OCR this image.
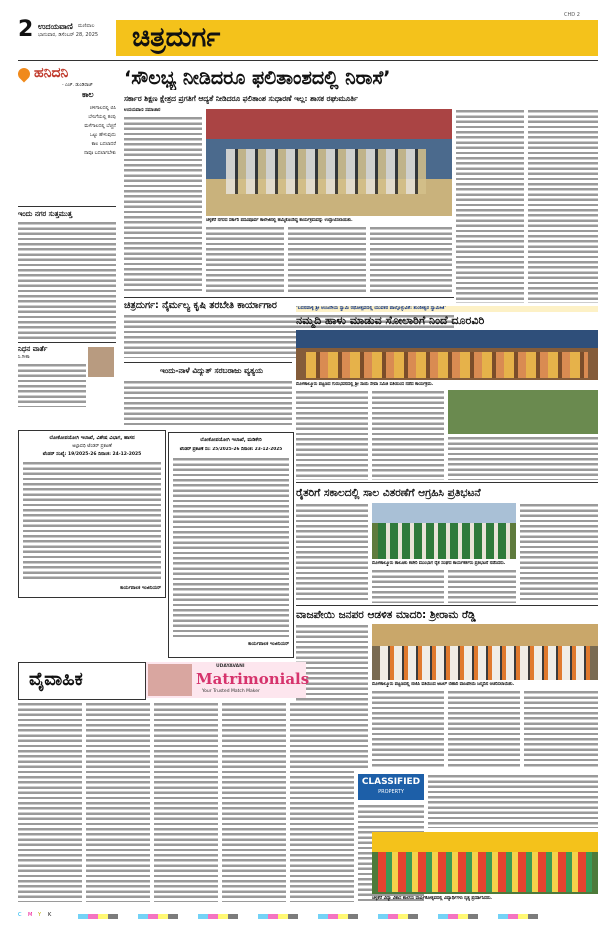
2 ಉದಯವಾಣಿ ಮಣಿಪಾಲ
ಭಾನುವಾರ, ಡಿಸೆಂಬರ್ 28, 2025
CHD 2
ಚಿತ್ರದುರ್ಗ
ಹನಿದನಿ
- ಎಚ್. ಡುಂಡಿರಾಜ್
ಕಾಲ
ಚಳಿಗಾಲದಲ್ಲಿ ಬಿಸಿ
ಬೇಸಿಗೆಯಲ್ಲಿ ತಂಪು
ಮಳೆಗಾಲದಲ್ಲಿ ಬೆಚ್ಚನೆ
ಒಟ್ಟು ಹೇಳುವುದು
ಕಾಲ ಬದಲಾದರೆ
ನಾವೂ ಬದಲಾಗಬೇಕು
ಇಂದು ನಗರ ಸುತ್ತಮುತ್ತ
ನಿಧನ ವಾರ್ತೆ
ಸಿ.ಗೀತಾ
‘ಸೌಲಭ್ಯ ನೀಡಿದರೂ ಫಲಿತಾಂಶದಲ್ಲಿ ನಿರಾಸೆ’
ಸರ್ಕಾರ ಶಿಕ್ಷಣ ಕ್ಷೇತ್ರದ ಪ್ರಗತಿಗೆ ಆದ್ಯತೆ ನೀಡಿದರೂ ಫಲಿತಾಂಶ ಸುಧಾರಣೆ ಇಲ್ಲ: ಶಾಸಕ ರಘುಮೂರ್ತಿ
ಉದಯವಾಣಿ ಸಮಾಚಾರ
ಚಳ್ಳಕೆರೆ ನಗರದ ಸರ್ಕಾರಿ ಪದವಿಪೂರ್ವ ಕಾಲೇಜಿನಲ್ಲಿ ಹಮ್ಮಿಕೊಂಡಿದ್ದ ಕಾರ್ಯಕ್ರಮವನ್ನು ಉದ್ಘಾಟಿಸಲಾಯಿತು.
ಚಿತ್ರದುರ್ಗ: ನೈರ್ಮಲ್ಯ ಕೃಷಿ ತರಬೇತಿ ಕಾರ್ಯಾಗಾರ	‘ಬದನವಾಳ್ಳಿ ಶ್ರೀ ಆಂಜನೇಯ ಸ್ವಾಮಿ ರಥೋತ್ಸವದಲ್ಲಿ ಯುವಕರ ಪಾಲ್ಗೊಳ್ಳುವಿಕೆ: ಶುಂಠೀಶ್ವರ ಸ್ವಾಮೀಜಿ’
ನಮ್ಮದಿ ಹಾಳು ಮಾಡುವ ಸೋಲಾರಿಗೆ ನಿಂದೆ ದೂರವಿರಿ
ಇಂದು-ನಾಳೆ ವಿದ್ಯುತ್ ಸರಬರಾಜು ವ್ಯತ್ಯಯ
ಮೊಳಕಾಲ್ಮೂರು ಪಟ್ಟಣದ ಗುರುಭವನದಲ್ಲಿ ಶ್ರೀ ಸಾಯಿ ಸೇವಾ ಸಮಿತಿ ವತಿಯಿಂದ ನಡೆದ ಕಾರ್ಯಕ್ರಮ.
ರೈತರಿಗೆ ಸಕಾಲದಲ್ಲಿ ಸಾಲ ವಿತರಣೆಗೆ ಆಗ್ರಹಿಸಿ ಪ್ರತಿಭಟನೆ
ಮೊಳಕಾಲ್ಮೂರು ತಾಲೂಕು ಕಚೇರಿ ಮುಂಭಾಗ ರೈತ ಸಂಘದ ಕಾರ್ಯಕರ್ತರು ಪ್ರತಿಭಟನೆ ನಡೆಸಿದರು.
ವಾಜಪೇಯಿ ಜನಪರ ಆಡಳಿತ ಮಾದರಿ: ಶ್ರೀರಾಮ ರೆಡ್ಡಿ
ಮೊಳಕಾಲ್ಮೂರು ಪಟ್ಟಣದಲ್ಲಿ ಬಿಜೆಪಿ ವತಿಯಿಂದ ಅಟಲ್ ಬಿಹಾರಿ ವಾಜಪೇಯಿ ಜನ್ಮದಿನ ಆಚರಿಸಲಾಯಿತು.
ಲೋಕೋಪಯೋಗಿ ಇಲಾಖೆ, ವಿಶೇಷ ವಿಭಾಗ, ಹಾಸನ
ಅಲ್ಪಾವಧಿ ಟೆಂಡರ್ ಪ್ರಕಟಣೆ
ಟೆಂಡರ್ ಸಂಖ್ಯೆ: 19/2025-26 ದಿನಾಂಕ: 24-12-2025
ಕಾರ್ಯಪಾಲಕ ಇಂಜಿನಿಯರ್
ಲೋಕೋಪಯೋಗಿ ಇಲಾಖೆ, ಮಡಿಕೇರಿ
ಟೆಂಡರ್ ಪ್ರಕಟಣೆ ಸಂ: 25/2025-26 ದಿನಾಂಕ: 23-12-2025
ಕಾರ್ಯಪಾಲಕ ಇಂಜಿನಿಯರ್
ವೈವಾಹಿಕ
UDAYAVANI
Matrimonials
Your Trusted Match Maker
CLASSIFIED
PROPERTY
ಚಳ್ಳಕೆರೆ ವಿದ್ಯಾ ವಿಕಾಸ ಶಾಲೆಯ ವಾರ್ಷಿಕೋತ್ಸವದಲ್ಲಿ ವಿದ್ಯಾರ್ಥಿಗಳು ನೃತ್ಯ ಪ್ರದರ್ಶಿಸಿದರು.
C M Y K
